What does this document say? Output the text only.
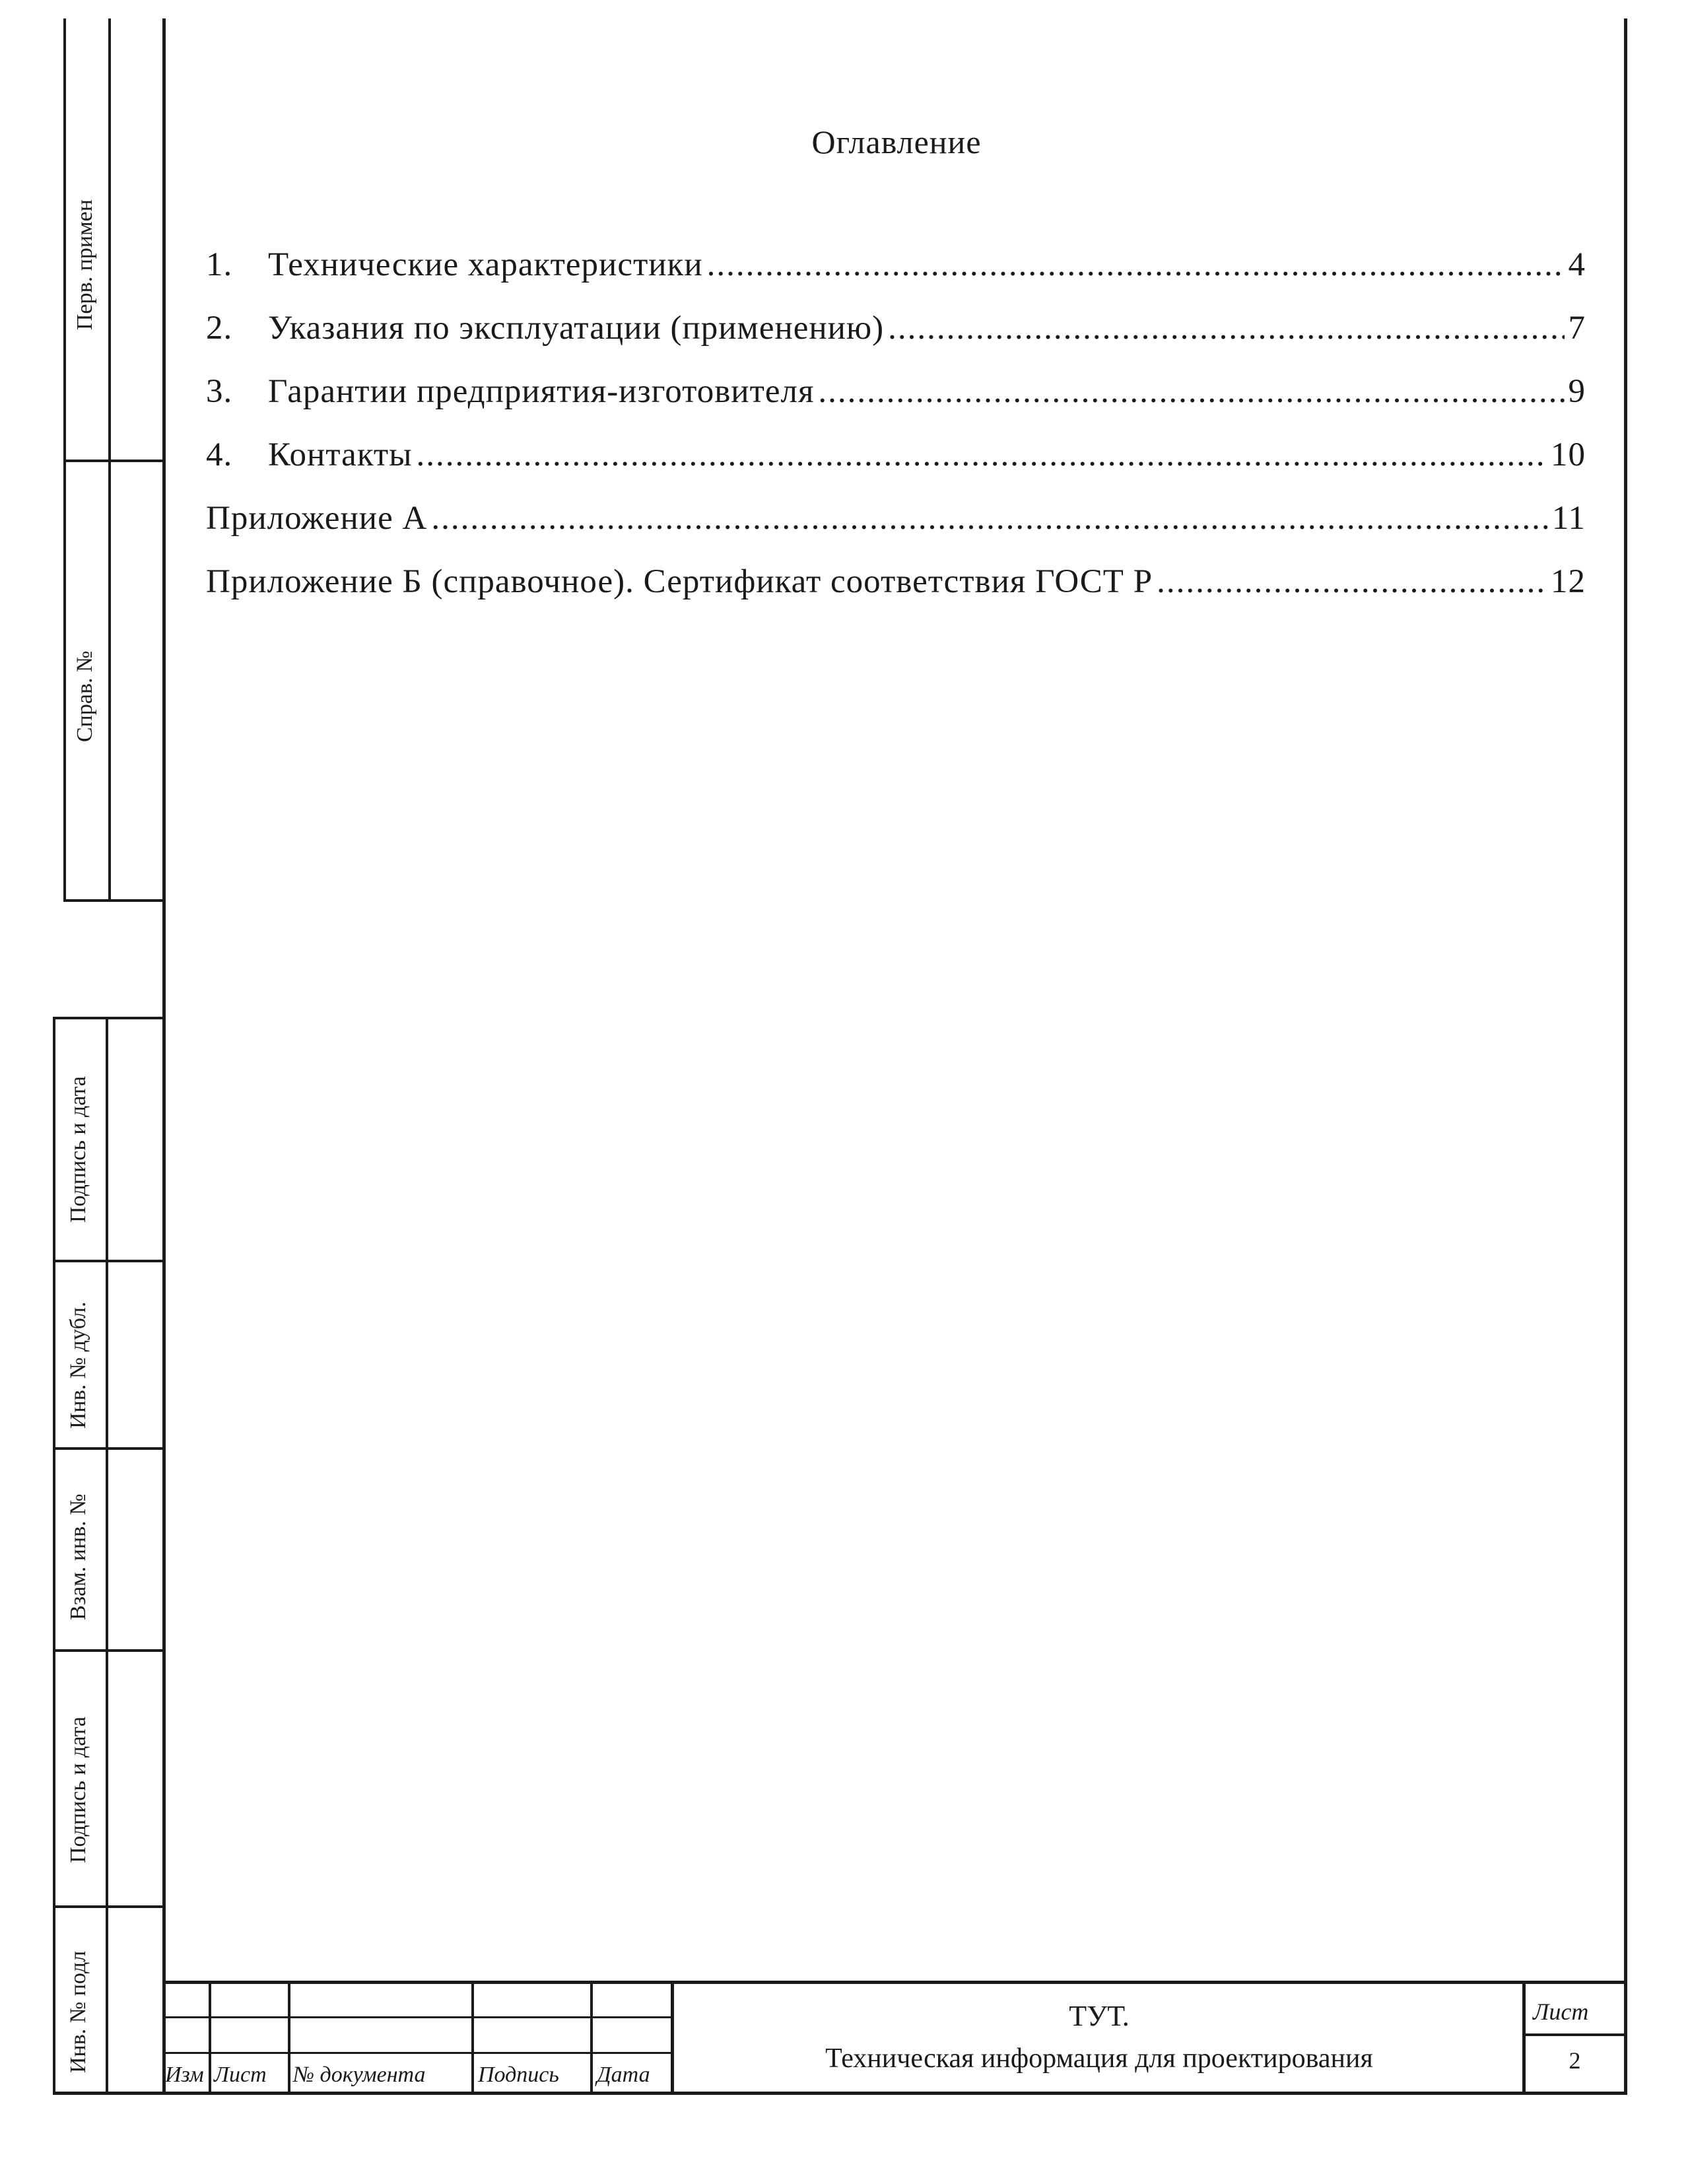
Перв. примен
Справ. №
Подпись и дата
Инв. № дубл.
Взам. инв. №
Подпись и дата
Инв. № подл
Оглавление
1.	Технические характеристики .....	4
2.	Указания по эксплуатации (применению) .....	7
3.	Гарантии предприятия-изготовителя .....	9
4.	Контакты .....	10
Приложение А .....	11
Приложение Б (справочное). Сертификат соответствия ГОСТ Р .....	12
Изм Лист № документа Подпись Дата
ТУТ.
Техническая информация для проектирования
Лист
2
